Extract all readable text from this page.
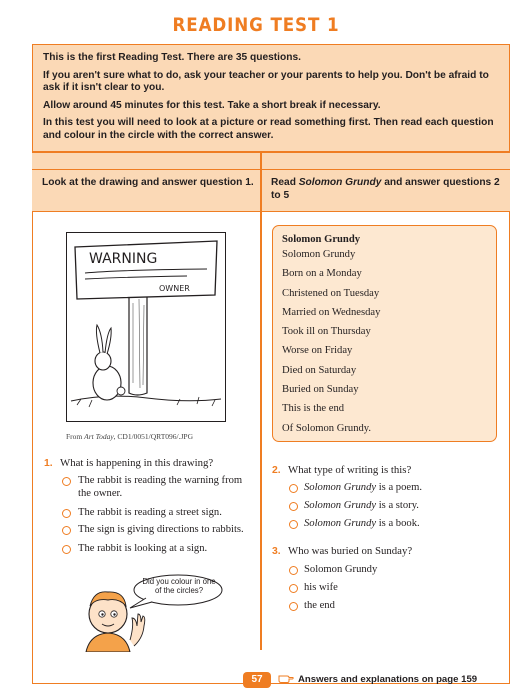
READING TEST 1

This is the first Reading Test. There are 35 questions.

If you aren't sure what to do, ask your teacher or your parents to help you. Don't be afraid to ask if it isn't clear to you.

Allow around 45 minutes for this test. Take a short break if necessary.

In this test you will need to look at a picture or read something first. Then read each question and colour in the circle with the correct answer.

Look at the drawing and answer question 1.	Read Solomon Grundy and answer questions 2 to 5
WARNING
OWNER
From Art Today, CD1/0051/QRT096/.JPG
1. What is happening in this drawing?
The rabbit is reading the warning from the owner.
The rabbit is reading a street sign.
The sign is giving directions to rabbits.
The rabbit is looking at a sign.
Did you colour in one of the circles?
Solomon Grundy
Solomon Grundy
Born on a Monday
Christened on Tuesday
Married on Wednesday
Took ill on Thursday
Worse on Friday
Died on Saturday
Buried on Sunday
This is the end
Of Solomon Grundy.
2. What type of writing is this?
Solomon Grundy is a poem.
Solomon Grundy is a story.
Solomon Grundy is a book.
3. Who was buried on Sunday?
Solomon Grundy
his wife
the end
57	Answers and explanations on page 159
